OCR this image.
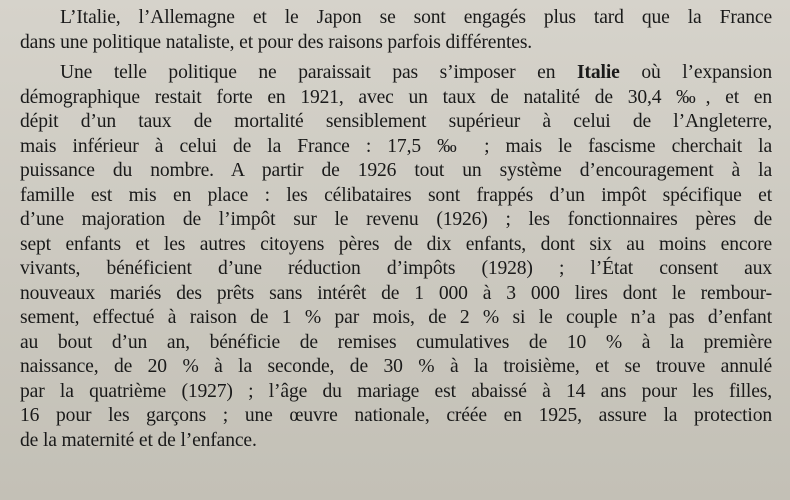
L’Italie, l’Allemagne et le Japon se sont engagés plus tard que la France
dans une politique nataliste, et pour des raisons parfois différentes.
Une telle politique ne paraissait pas s’imposer en Italie où l’expansion
démographique restait forte en 1921, avec un taux de natalité de 30,4 ‰, et en
dépit d’un taux de mortalité sensiblement supérieur à celui de l’Angleterre,
mais inférieur à celui de la France : 17,5 ‰ ; mais le fascisme cherchait la
puissance du nombre. A partir de 1926 tout un système d’encouragement à la
famille est mis en place : les célibataires sont frappés d’un impôt spécifique et
d’une majoration de l’impôt sur le revenu (1926) ; les fonctionnaires pères de
sept enfants et les autres citoyens pères de dix enfants, dont six au moins encore
vivants, bénéficient d’une réduction d’impôts (1928) ; l’État consent aux
nouveaux mariés des prêts sans intérêt de 1 000 à 3 000 lires dont le rembour-
sement, effectué à raison de 1 % par mois, de 2 % si le couple n’a pas d’enfant
au bout d’un an, bénéficie de remises cumulatives de 10 % à la première
naissance, de 20 % à la seconde, de 30 % à la troisième, et se trouve annulé
par la quatrième (1927) ; l’âge du mariage est abaissé à 14 ans pour les filles,
16 pour les garçons ; une œuvre nationale, créée en 1925, assure la protection
de la maternité et de l’enfance.
